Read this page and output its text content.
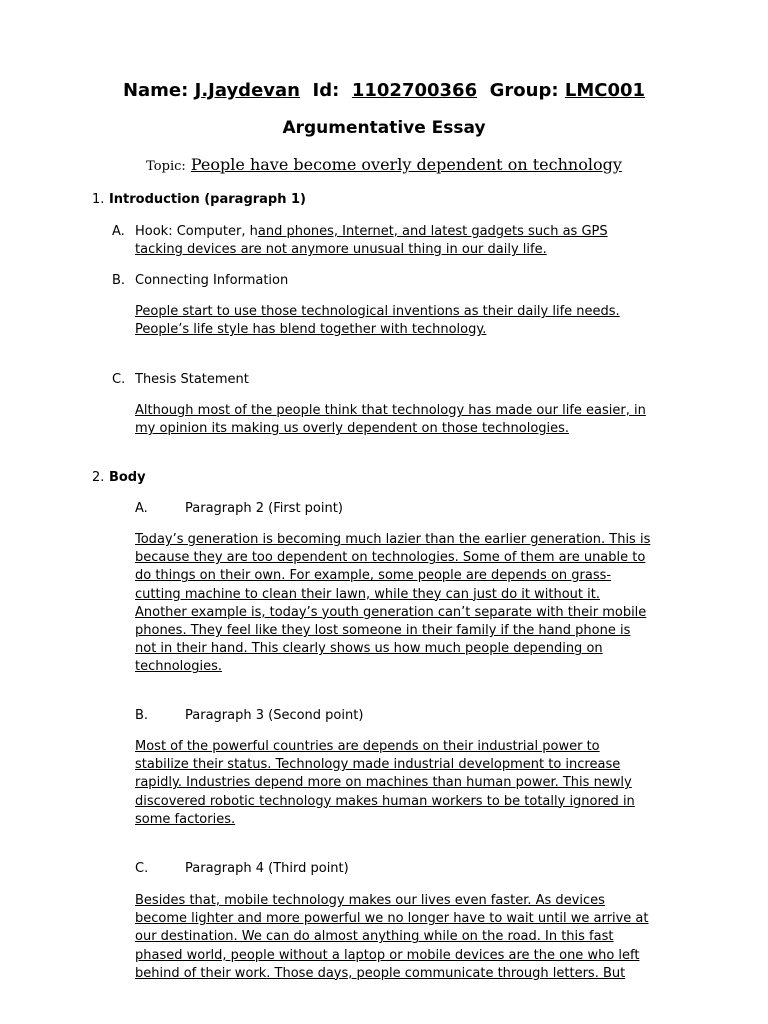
Name: J.Jaydevan Id: 1102700366 Group: LMC001
Argumentative Essay
Topic: People have become overly dependent on technology
1. Introduction (paragraph 1)
A. Hook: Computer, hand phones, Internet, and latest gadgets such as GPS
tacking devices are not anymore unusual thing in our daily life.
B. Connecting Information
People start to use those technological inventions as their daily life needs.
People’s life style has blend together with technology.
C. Thesis Statement
Although most of the people think that technology has made our life easier, in
my opinion its making us overly dependent on those technologies.
2. Body
A.	Paragraph 2 (First point)
Today’s generation is becoming much lazier than the earlier generation. This is
because they are too dependent on technologies. Some of them are unable to
do things on their own. For example, some people are depends on grass-
cutting machine to clean their lawn, while they can just do it without it.
Another example is, today’s youth generation can’t separate with their mobile
phones. They feel like they lost someone in their family if the hand phone is
not in their hand. This clearly shows us how much people depending on
technologies.
B.	Paragraph 3 (Second point)
Most of the powerful countries are depends on their industrial power to
stabilize their status. Technology made industrial development to increase
rapidly. Industries depend more on machines than human power. This newly
discovered robotic technology makes human workers to be totally ignored in
some factories.
C.	Paragraph 4 (Third point)
Besides that, mobile technology makes our lives even faster. As devices
become lighter and more powerful we no longer have to wait until we arrive at
our destination. We can do almost anything while on the road. In this fast
phased world, people without a laptop or mobile devices are the one who left
behind of their work. Those days, people communicate through letters. But
